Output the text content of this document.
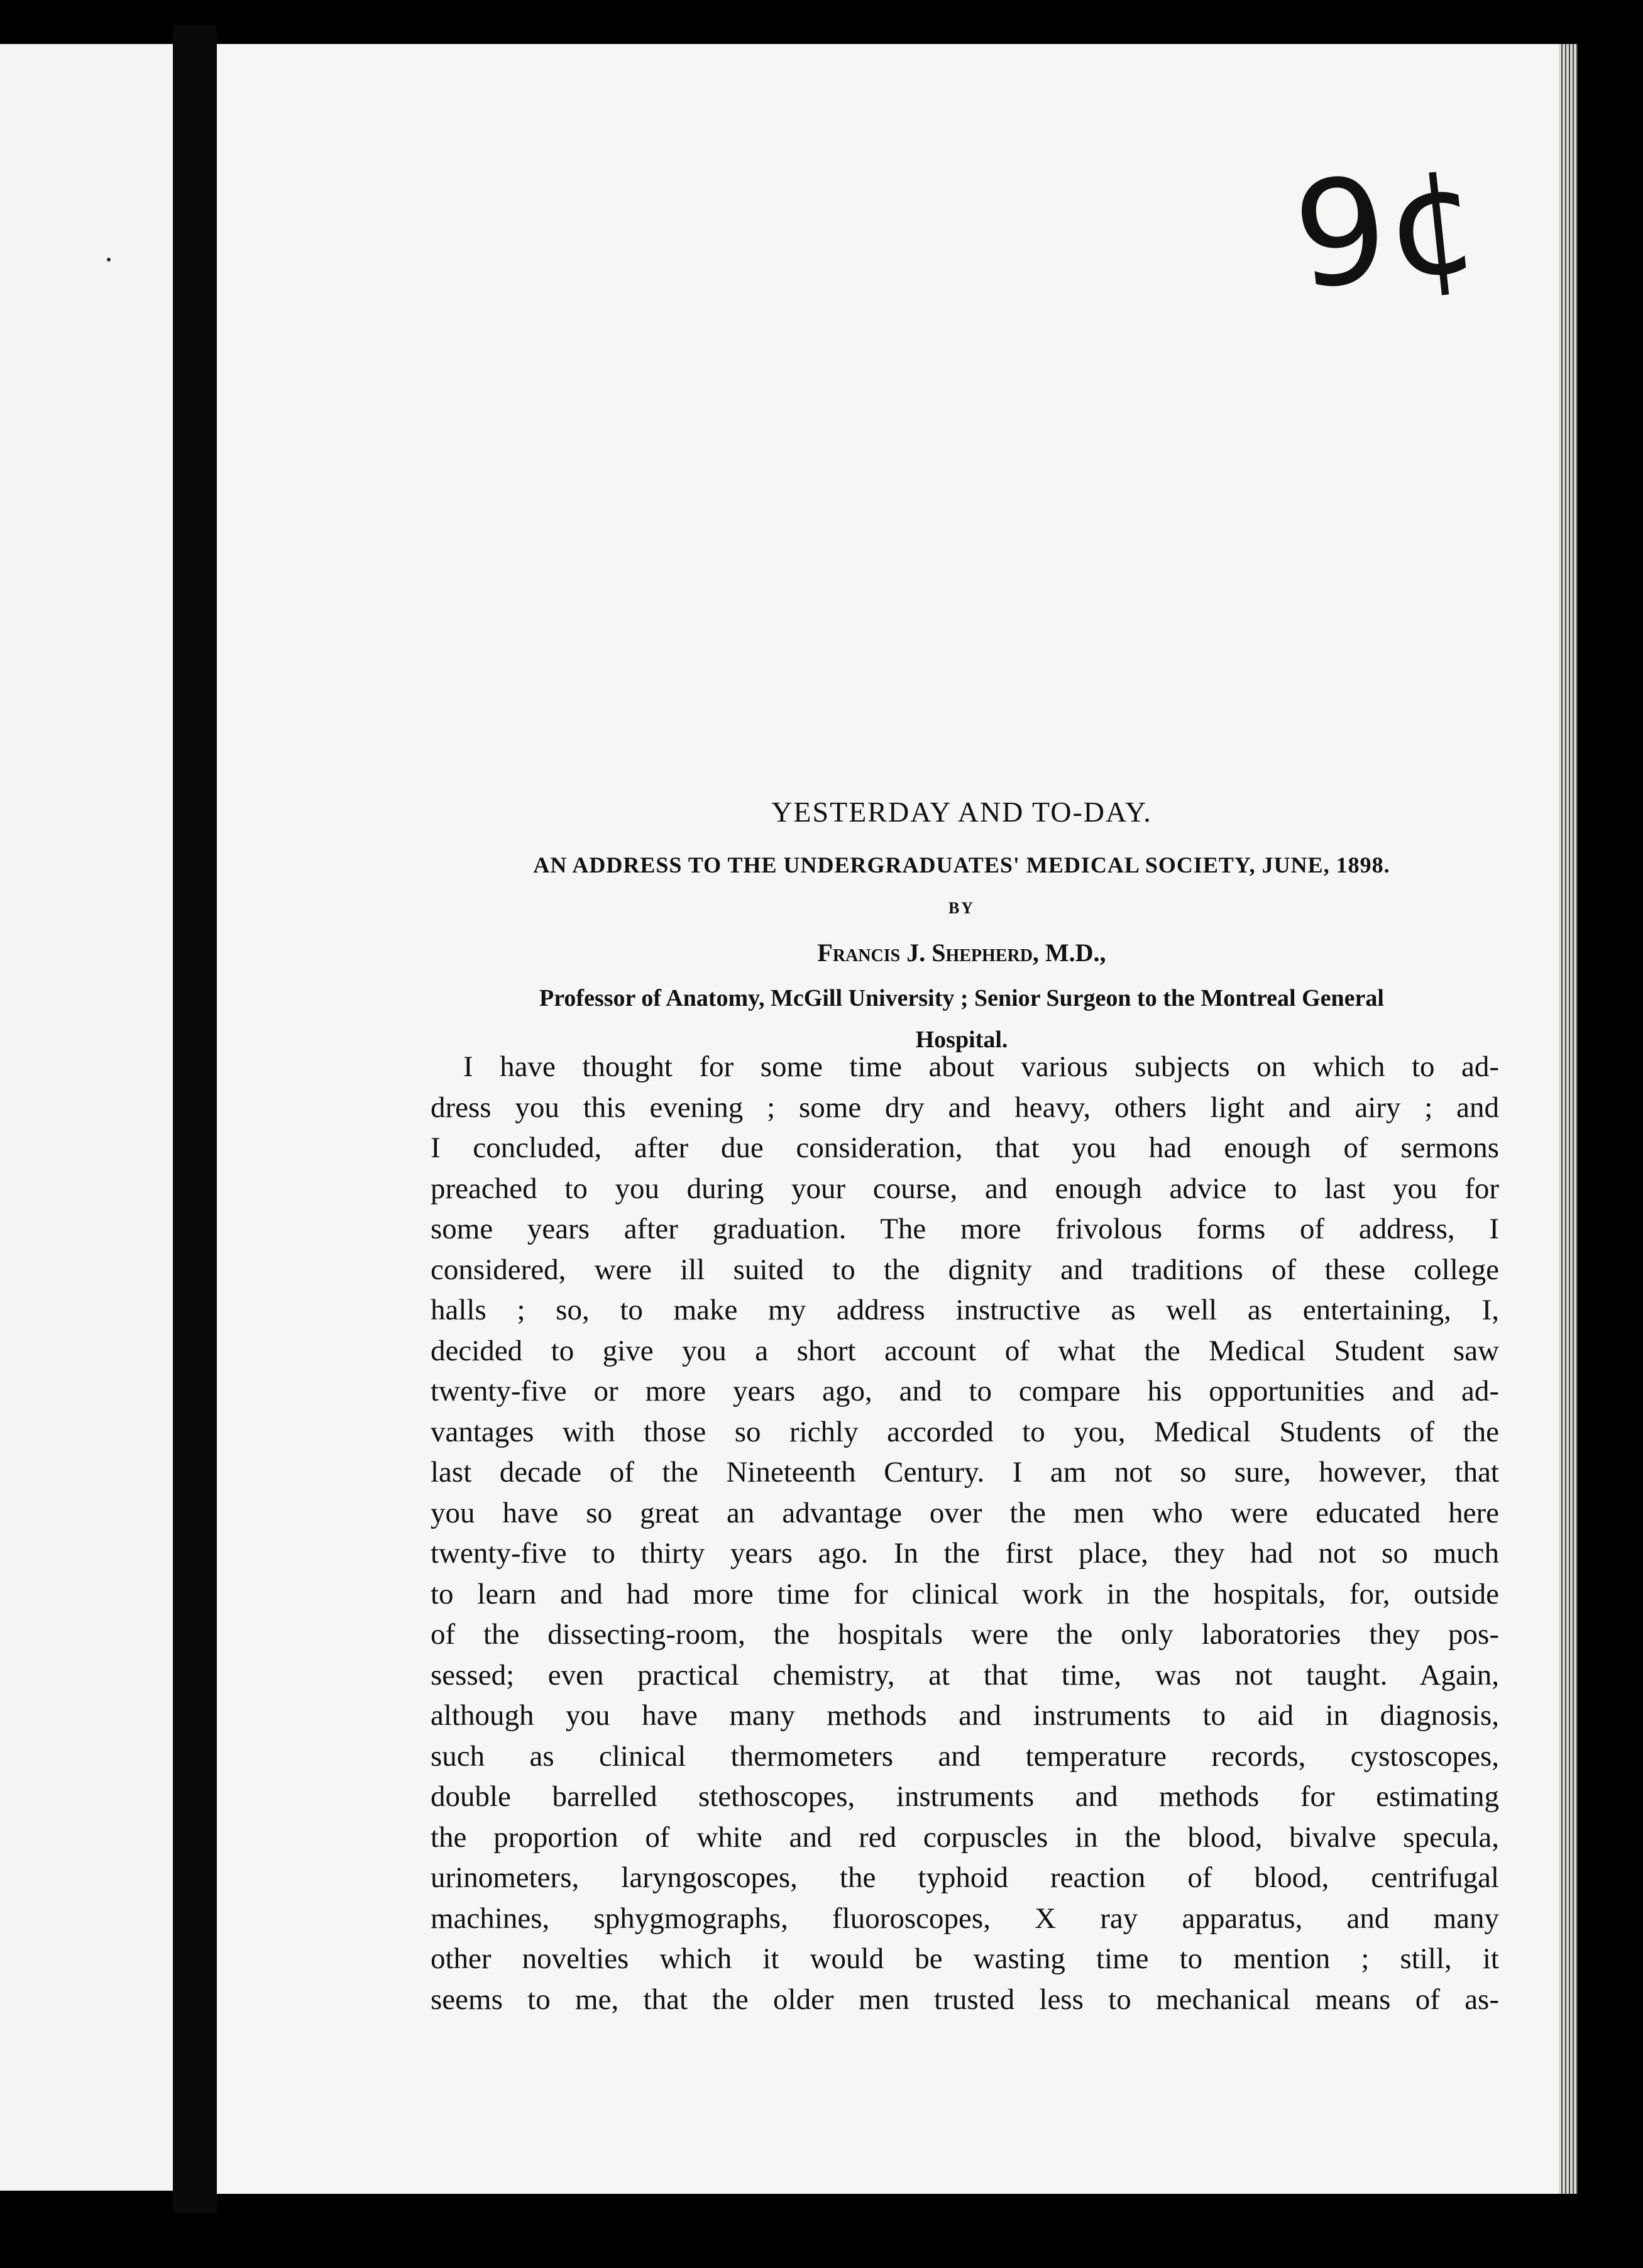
9¢
YESTERDAY AND TO-DAY.
AN ADDRESS TO THE UNDERGRADUATES' MEDICAL SOCIETY, JUNE, 1898.
BY
Francis J. Shepherd, M.D.,
Professor of Anatomy, McGill University ; Senior Surgeon to the Montreal General
Hospital.
I have thought for some time about various subjects on which to ad-
dress you this evening ; some dry and heavy, others light and airy ; and
I concluded, after due consideration, that you had enough of sermons
preached to you during your course, and enough advice to last you for
some years after graduation. The more frivolous forms of address, I
considered, were ill suited to the dignity and traditions of these college
halls ; so, to make my address instructive as well as entertaining, I,
decided to give you a short account of what the Medical Student saw
twenty-five or more years ago, and to compare his opportunities and ad-
vantages with those so richly accorded to you, Medical Students of the
last decade of the Nineteenth Century. I am not so sure, however, that
you have so great an advantage over the men who were educated here
twenty-five to thirty years ago. In the first place, they had not so much
to learn and had more time for clinical work in the hospitals, for, outside
of the dissecting-room, the hospitals were the only laboratories they pos-
sessed; even practical chemistry, at that time, was not taught. Again,
although you have many methods and instruments to aid in diagnosis,
such as clinical thermometers and temperature records, cystoscopes,
double barrelled stethoscopes, instruments and methods for estimating
the proportion of white and red corpuscles in the blood, bivalve specula,
urinometers, laryngoscopes, the typhoid reaction of blood, centrifugal
machines, sphygmographs, fluoroscopes, X ray apparatus, and many
other novelties which it would be wasting time to mention ; still, it
seems to me, that the older men trusted less to mechanical means of as-
